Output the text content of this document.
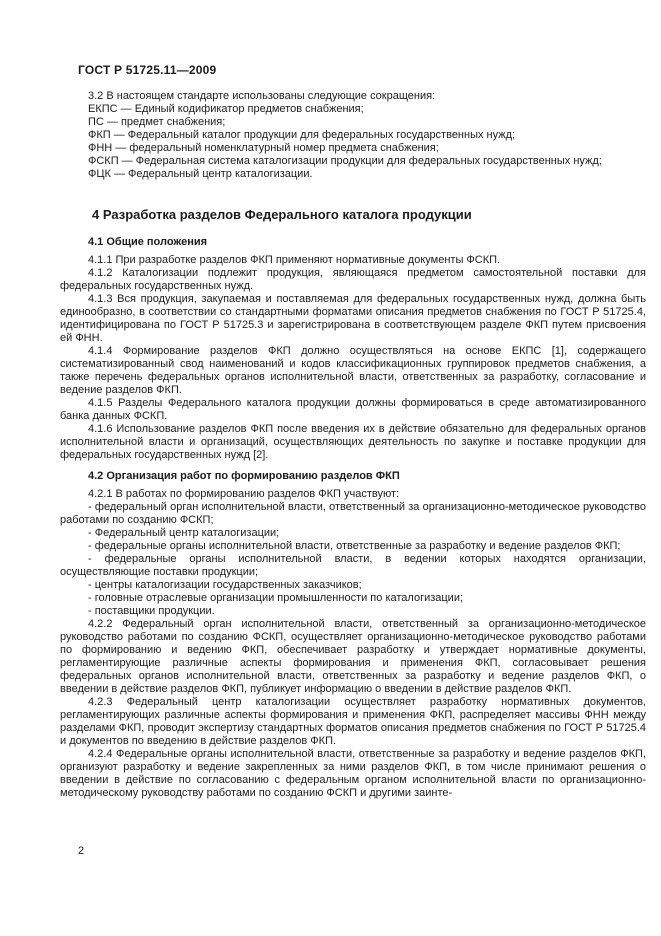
ГОСТ Р 51725.11—2009

3.2 В настоящем стандарте использованы следующие сокращения:

ЕКПС — Единый кодификатор предметов снабжения;

ПС — предмет снабжения;

ФКП — Федеральный каталог продукции для федеральных государственных нужд;

ФНН — федеральный номенклатурный номер предмета снабжения;

ФСКП — Федеральная система каталогизации продукции для федеральных государственных нужд;

ФЦК — Федеральный центр каталогизации.

4 Разработка разделов Федерального каталога продукции
4.1 Общие положения

4.1.1 При разработке разделов ФКП применяют нормативные документы ФСКП.

4.1.2 Каталогизации подлежит продукция, являющаяся предметом самостоятельной поставки для федеральных государственных нужд.

4.1.3 Вся продукция, закупаемая и поставляемая для федеральных государственных нужд, должна быть единообразно, в соответствии со стандартными форматами описания предметов снабжения по ГОСТ Р 51725.4, идентифицирована по ГОСТ Р 51725.3 и зарегистрирована в соответствующем разделе ФКП путем присвоения ей ФНН.

4.1.4 Формирование разделов ФКП должно осуществляться на основе ЕКПС [1], содержащего систематизированный свод наименований и кодов классификационных группировок предметов снабжения, а также перечень федеральных органов исполнительной власти, ответственных за разработку, согласование и ведение разделов ФКП.

4.1.5 Разделы Федерального каталога продукции должны формироваться в среде автоматизированного банка данных ФСКП.

4.1.6 Использование разделов ФКП после введения их в действие обязательно для федеральных органов исполнительной власти и организаций, осуществляющих деятельность по закупке и поставке продукции для федеральных государственных нужд [2].

4.2 Организация работ по формированию разделов ФКП

4.2.1 В работах по формированию разделов ФКП участвуют:

- федеральный орган исполнительной власти, ответственный за организационно-методическое руководство работами по созданию ФСКП;

- Федеральный центр каталогизации;

- федеральные органы исполнительной власти, ответственные за разработку и ведение разделов ФКП;

- федеральные органы исполнительной власти, в ведении которых находятся организации, осуществляющие поставки продукции;

- центры каталогизации государственных заказчиков;

- головные отраслевые организации промышленности по каталогизации;

- поставщики продукции.

4.2.2 Федеральный орган исполнительной власти, ответственный за организационно-методическое руководство работами по созданию ФСКП, осуществляет организационно-методическое руководство работами по формированию и ведению ФКП, обеспечивает разработку и утверждает нормативные документы, регламентирующие различные аспекты формирования и применения ФКП, согласовывает решения федеральных органов исполнительной власти, ответственных за разработку и ведение разделов ФКП, о введении в действие разделов ФКП, публикует информацию о введении в действие разделов ФКП.

4.2.3 Федеральный центр каталогизации осуществляет разработку нормативных документов, регламентирующих различные аспекты формирования и применения ФКП, распределяет массивы ФНН между разделами ФКП, проводит экспертизу стандартных форматов описания предметов снабжения по ГОСТ Р 51725.4 и документов по введению в действие разделов ФКП.

4.2.4 Федеральные органы исполнительной власти, ответственные за разработку и ведение разделов ФКП, организуют разработку и ведение закрепленных за ними разделов ФКП, в том числе принимают решения о введении в действие по согласованию с федеральным органом исполнительной власти по организационно-методическому руководству работами по созданию ФСКП и другими заинте-

2
